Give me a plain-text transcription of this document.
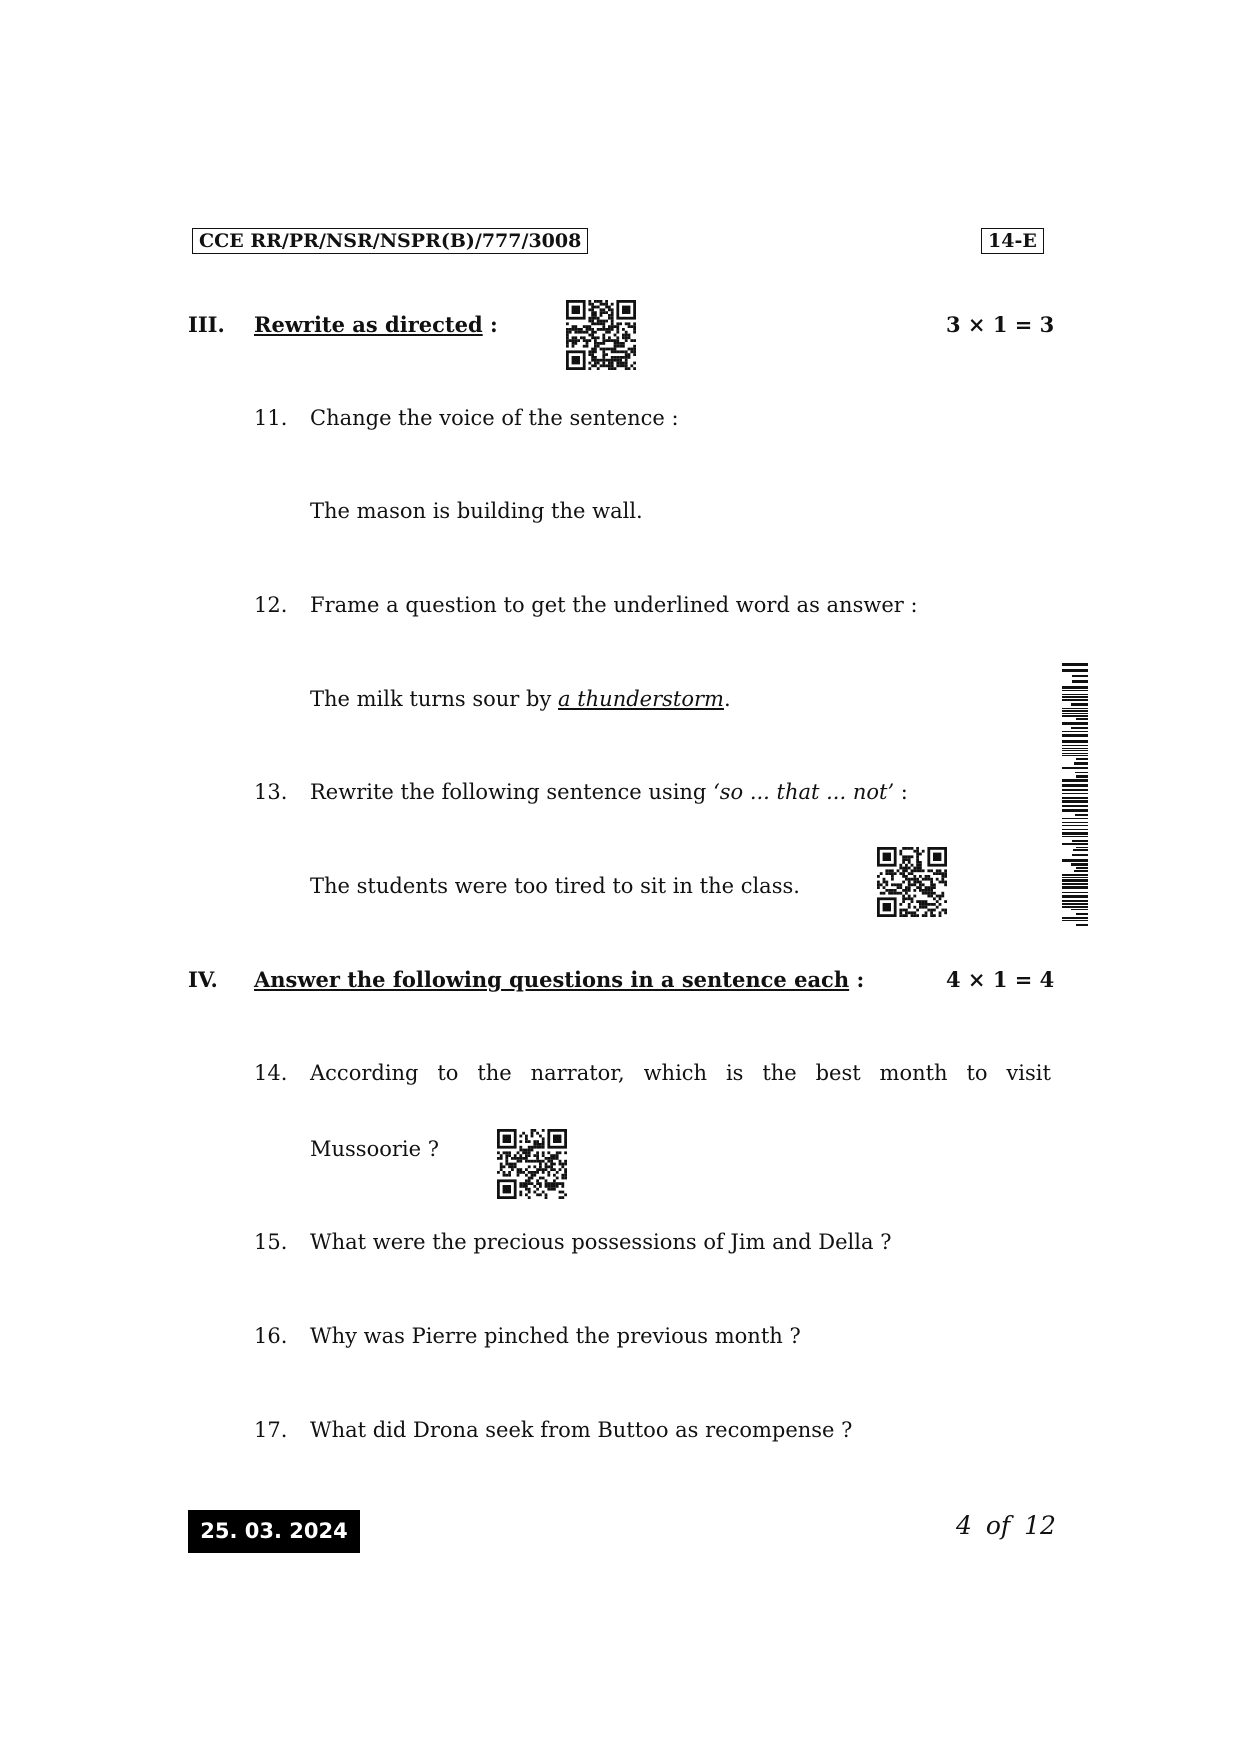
CCE RR/PR/NSR/NSPR(B)/777/3008	14-E
III. Rewrite as directed :	3 × 1 = 3
11. Change the voice of the sentence :
The mason is building the wall.
12. Frame a question to get the underlined word as answer :
The milk turns sour by a thunderstorm.
13. Rewrite the following sentence using ‘so ... that ... not’ :
The students were too tired to sit in the class.
IV. Answer the following questions in a sentence each :	4 × 1 = 4
14. According to the narrator, which is the best month to visit
Mussoorie ?
15. What were the precious possessions of Jim and Della ?
16. Why was Pierre pinched the previous month ?
17. What did Drona seek from Buttoo as recompense ?
25. 03. 2024	4 of 12
